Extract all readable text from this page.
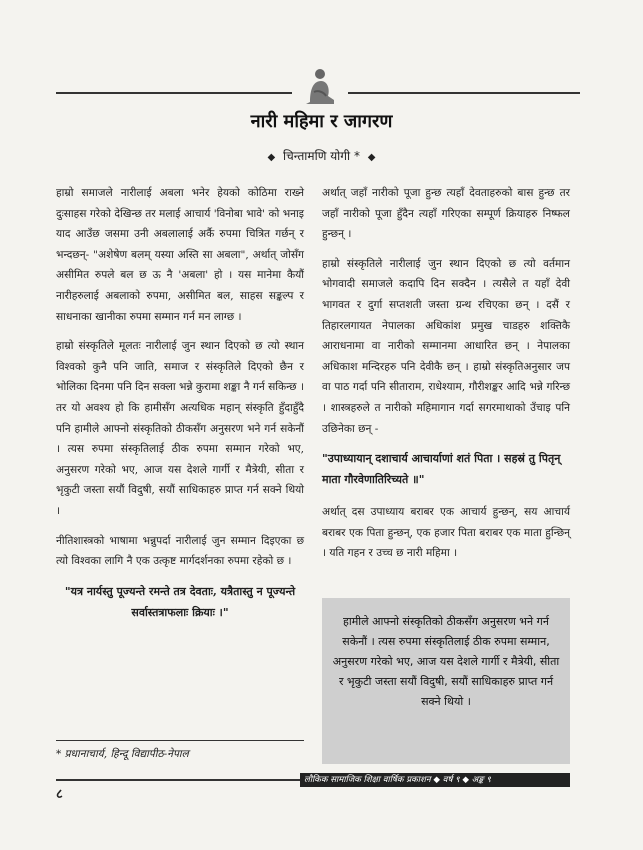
नारी महिमा र जागरण
◆ चिन्तामणि योगी * ◆

हाम्रो समाजले नारीलाई अबला भनेर हेयको कोठिमा राख्ने दुःसाहस गरेको देखिन्छ तर मलाई आचार्य 'विनोबा भावे' को भनाइ याद आउँछ जसमा उनी अबलालाई अर्कै रुपमा चित्रित गर्छन् र भन्दछन्- "अशेषेण बलम् यस्या अस्ति सा अबला", अर्थात् जोसँग असीमित रुपले बल छ ऊ नै 'अबला' हो । यस मानेमा कैयौं नारीहरुलाई अबलाको रुपमा, असीमित बल, साहस सङ्कल्प र साधनाका खानीका रुपमा सम्मान गर्न मन लाग्छ ।

हाम्रो संस्कृतिले मूलतः नारीलाई जुन स्थान दिएको छ त्यो स्थान विश्वको कुनै पनि जाति, समाज र संस्कृतिले दिएको छैन र भोलिका दिनमा पनि दिन सक्ला भन्ने कुरामा शङ्का नै गर्न सकिन्छ । तर यो अवश्य हो कि हामीसँग अत्यधिक महान् संस्कृति हुँदाहुँदै पनि हामीले आफ्नो संस्कृतिको ठीकसँग अनुसरण भने गर्न सकेनौं । त्यस रुपमा संस्कृतिलाई ठीक रुपमा सम्मान गरेको भए, अनुसरण गरेको भए, आज यस देशले गार्गी र मैत्रेयी, सीता र भृकुटी जस्ता सयौं विदुषी, सयौं साधिकाहरु प्राप्त गर्न सक्ने थियो ।

नीतिशास्त्रको भाषामा भन्नुपर्दा नारीलाई जुन सम्मान दिइएका छ त्यो विश्वका लागि नै एक उत्कृष्ट मार्गदर्शनका रुपमा रहेको छ ।

"यत्र नार्यस्तु पूज्यन्ते रमन्ते तत्र देवताः, यत्रैतास्तु न पूज्यन्ते सर्वास्तत्राफलाः क्रियाः ।"

* प्रधानाचार्य, हिन्दू विद्यापीठ-नेपाल

अर्थात् जहाँ नारीको पूजा हुन्छ त्यहाँ देवताहरुको बास हुन्छ तर जहाँ नारीको पूजा हुँदैन त्यहाँ गरिएका सम्पूर्ण क्रियाहरु निष्फल हुन्छन् ।

हाम्रो संस्कृतिले नारीलाई जुन स्थान दिएको छ त्यो वर्तमान भोगवादी समाजले कदापि दिन सक्दैन । त्यसैले त यहाँ देवी भागवत र दुर्गा सप्तशती जस्ता ग्रन्थ रचिएका छन् । दसैं र तिहारलगायत नेपालका अधिकांश प्रमुख चाडहरु शक्तिकै आराधनामा वा नारीको सम्मानमा आधारित छन् । नेपालका अधिकाश मन्दिरहरु पनि देवीकै छन् । हाम्रो संस्कृतिअनुसार जप वा पाठ गर्दा पनि सीताराम, राधेश्याम, गौरीशङ्कर आदि भन्ने गरिन्छ । शास्त्रहरुले त नारीको महिमागान गर्दा सगरमाथाको उँचाइ पनि उछिनेका छन् -

"उपाध्यायान् दशाचार्य आचार्याणां शतं पिता । सहस्रं तु पितृन् माता गौरवेणातिरिच्यते ॥"

अर्थात् दस उपाध्याय बराबर एक आचार्य हुन्छन्, सय आचार्य बराबर एक पिता हुन्छन्, एक हजार पिता बराबर एक माता हुन्छिन् । यति गहन र उच्च छ नारी महिमा ।

हामीले आफ्नो संस्कृतिको ठीकसँग अनुसरण भने गर्न सकेनौं । त्यस रुपमा संस्कृतिलाई ठीक रुपमा सम्मान, अनुसरण गरेको भए, आज यस देशले गार्गी र मैत्रेयी, सीता र भृकुटी जस्ता सयौं विदुषी, सयौं साधिकाहरु प्राप्त गर्न सक्ने थियो ।
लौकिक सामाजिक शिक्षा वार्षिक प्रकाशन ◆ वर्ष ९ ◆ अङ्क ९
८
